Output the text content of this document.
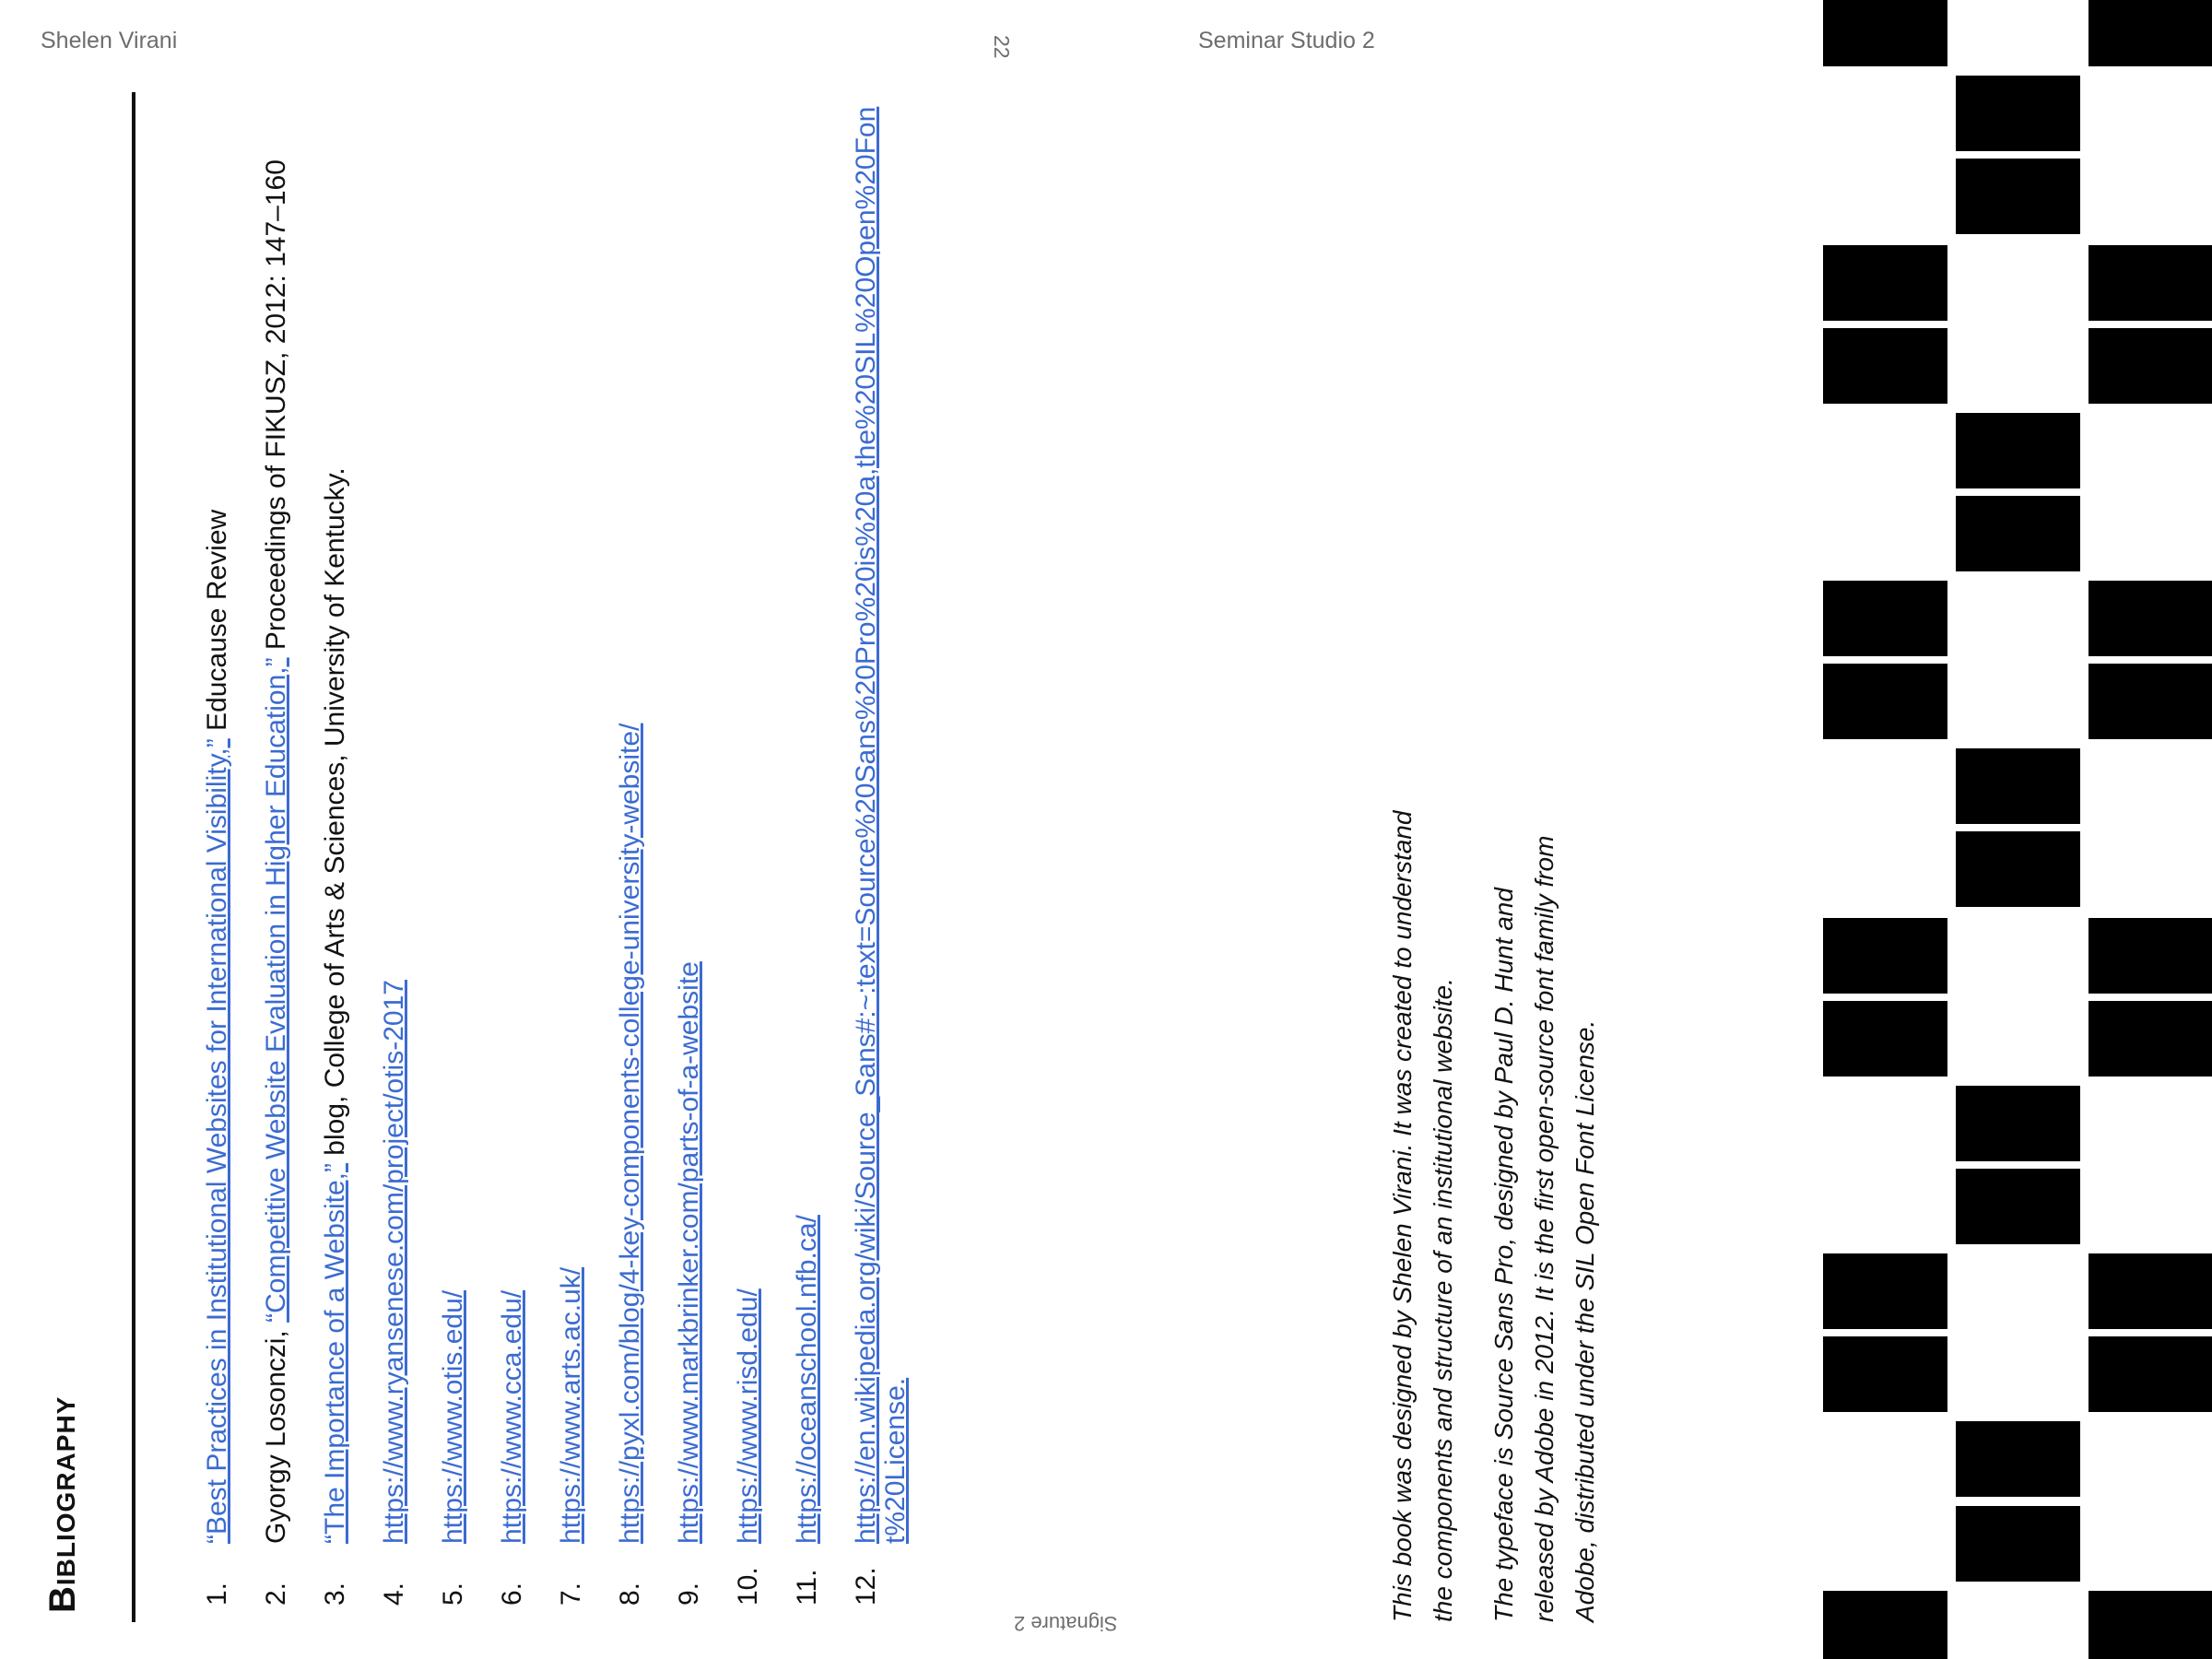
Shelen Virani	22	Seminar Studio 2
Bibliography	1.
“Best Practices in Institutional Websites for International Visibility,” Educause Review
2.
Gyorgy Losonczi, “Competitive Website Evaluation in Higher Education,” Proceedings of FIKUSZ, 2012: 147–160
3.
“The Importance of a Website,” blog, College of Arts & Sciences, University of Kentucky.
4.
https://www.ryansenese.com/project/otis-2017
5.
https://www.otis.edu/
6.
https://www.cca.edu/
7.
https://www.arts.ac.uk/
8.
https://pyxl.com/blog/4-key-components-college-university-website/
9.
https://www.markbrinker.com/parts-of-a-website
10.
https://www.risd.edu/
11.
https://oceanschool.nfb.ca/
12.
https://en.wikipedia.org/wiki/Source_Sans#:~:text=Source%20Sans%20Pro%20is%20a,the%20SIL%20Open%20Font%20License.	This book was designed by Shelen Virani. It was created to understand the components and structure of an institutional website. The typeface is Source Sans Pro, designed by Paul D. Hunt and released by Adobe in 2012. It is the first open-source font family from Adobe, distributed under the SIL Open Font License.

Signature 2
